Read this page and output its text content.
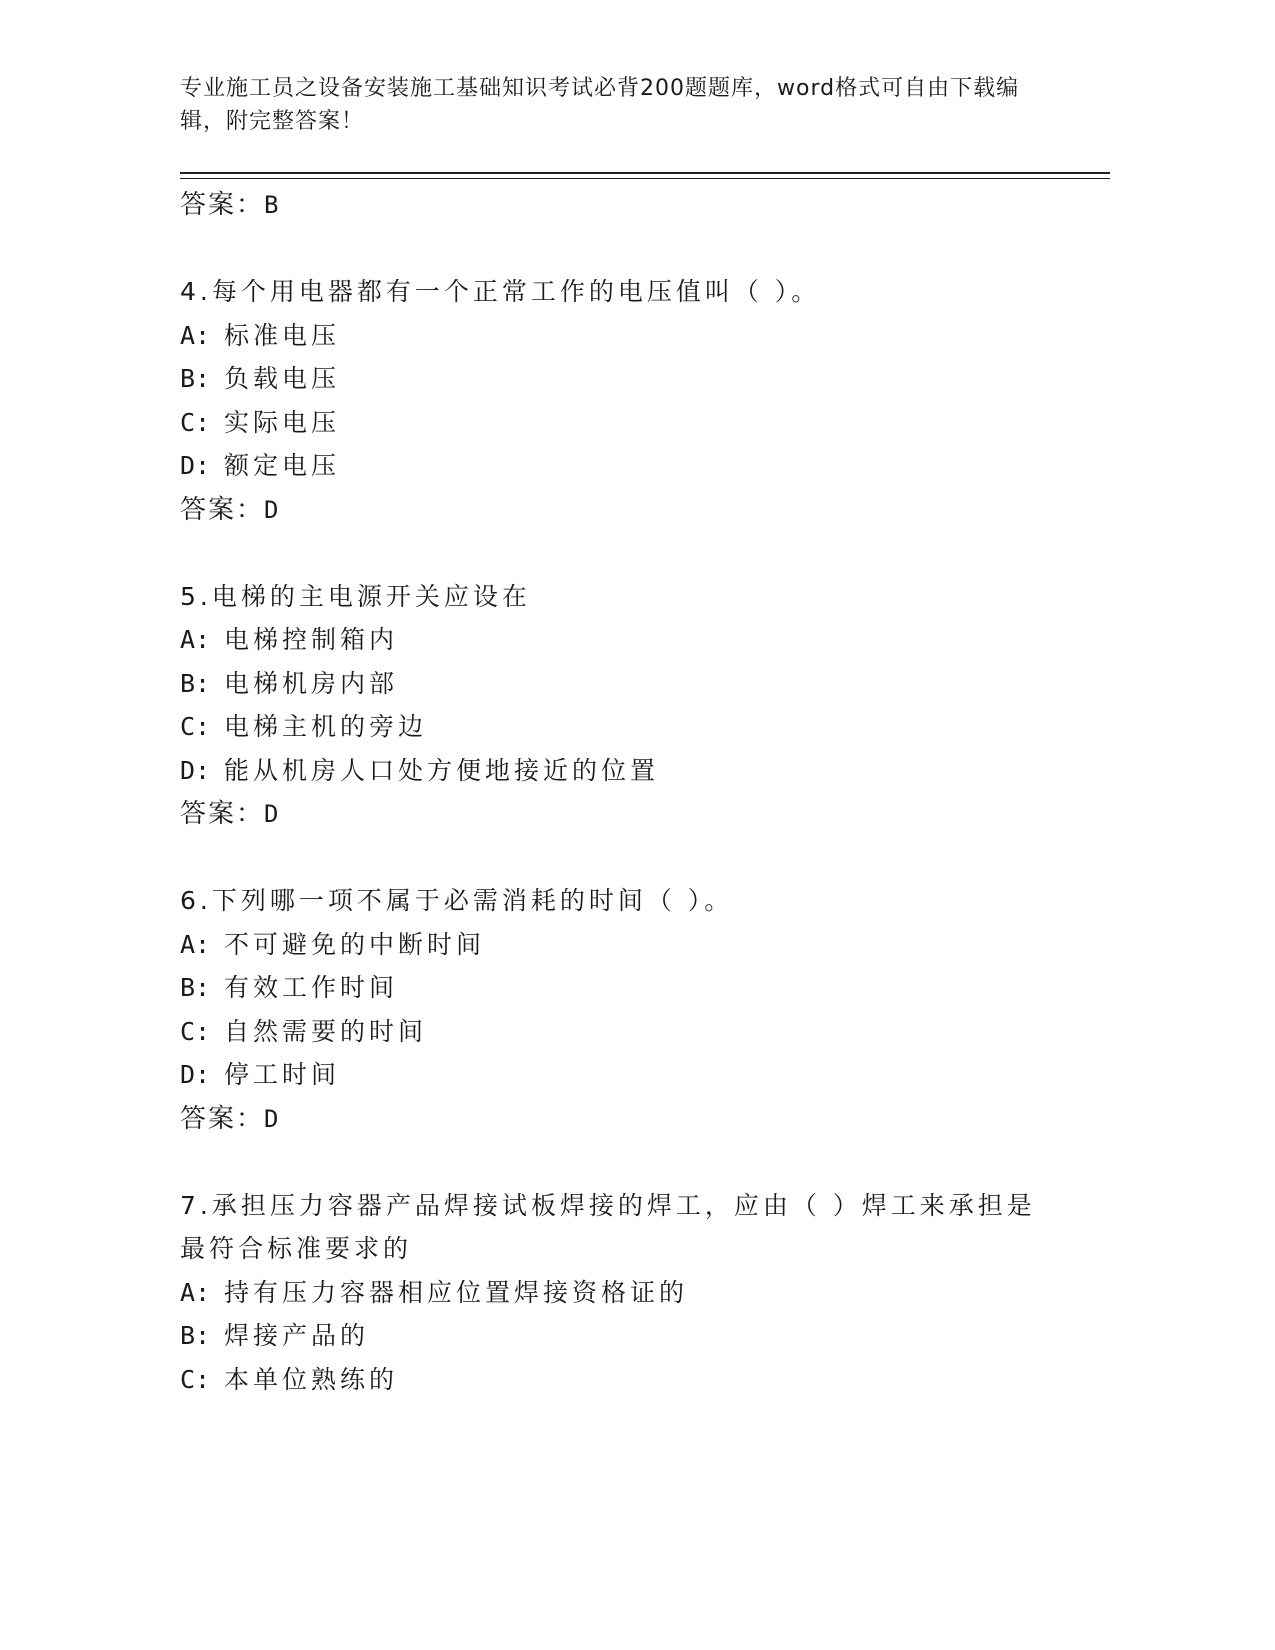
专业施工员之设备安装施工基础知识考试必背200题题库，word格式可自由下载编辑，附完整答案！
答案：B
4.每个用电器都有一个正常工作的电压值叫（ ）。
A: 标准电压
B: 负载电压
C: 实际电压
D: 额定电压
答案：D
5.电梯的主电源开关应设在
A: 电梯控制箱内
B: 电梯机房内部
C: 电梯主机的旁边
D: 能从机房人口处方便地接近的位置
答案：D
6.下列哪一项不属于必需消耗的时间（ ）。
A: 不可避免的中断时间
B: 有效工作时间
C: 自然需要的时间
D: 停工时间
答案：D
7.承担压力容器产品焊接试板焊接的焊工，应由（ ）焊工来承担是最符合标准要求的
A: 持有压力容器相应位置焊接资格证的
B: 焊接产品的
C: 本单位熟练的
